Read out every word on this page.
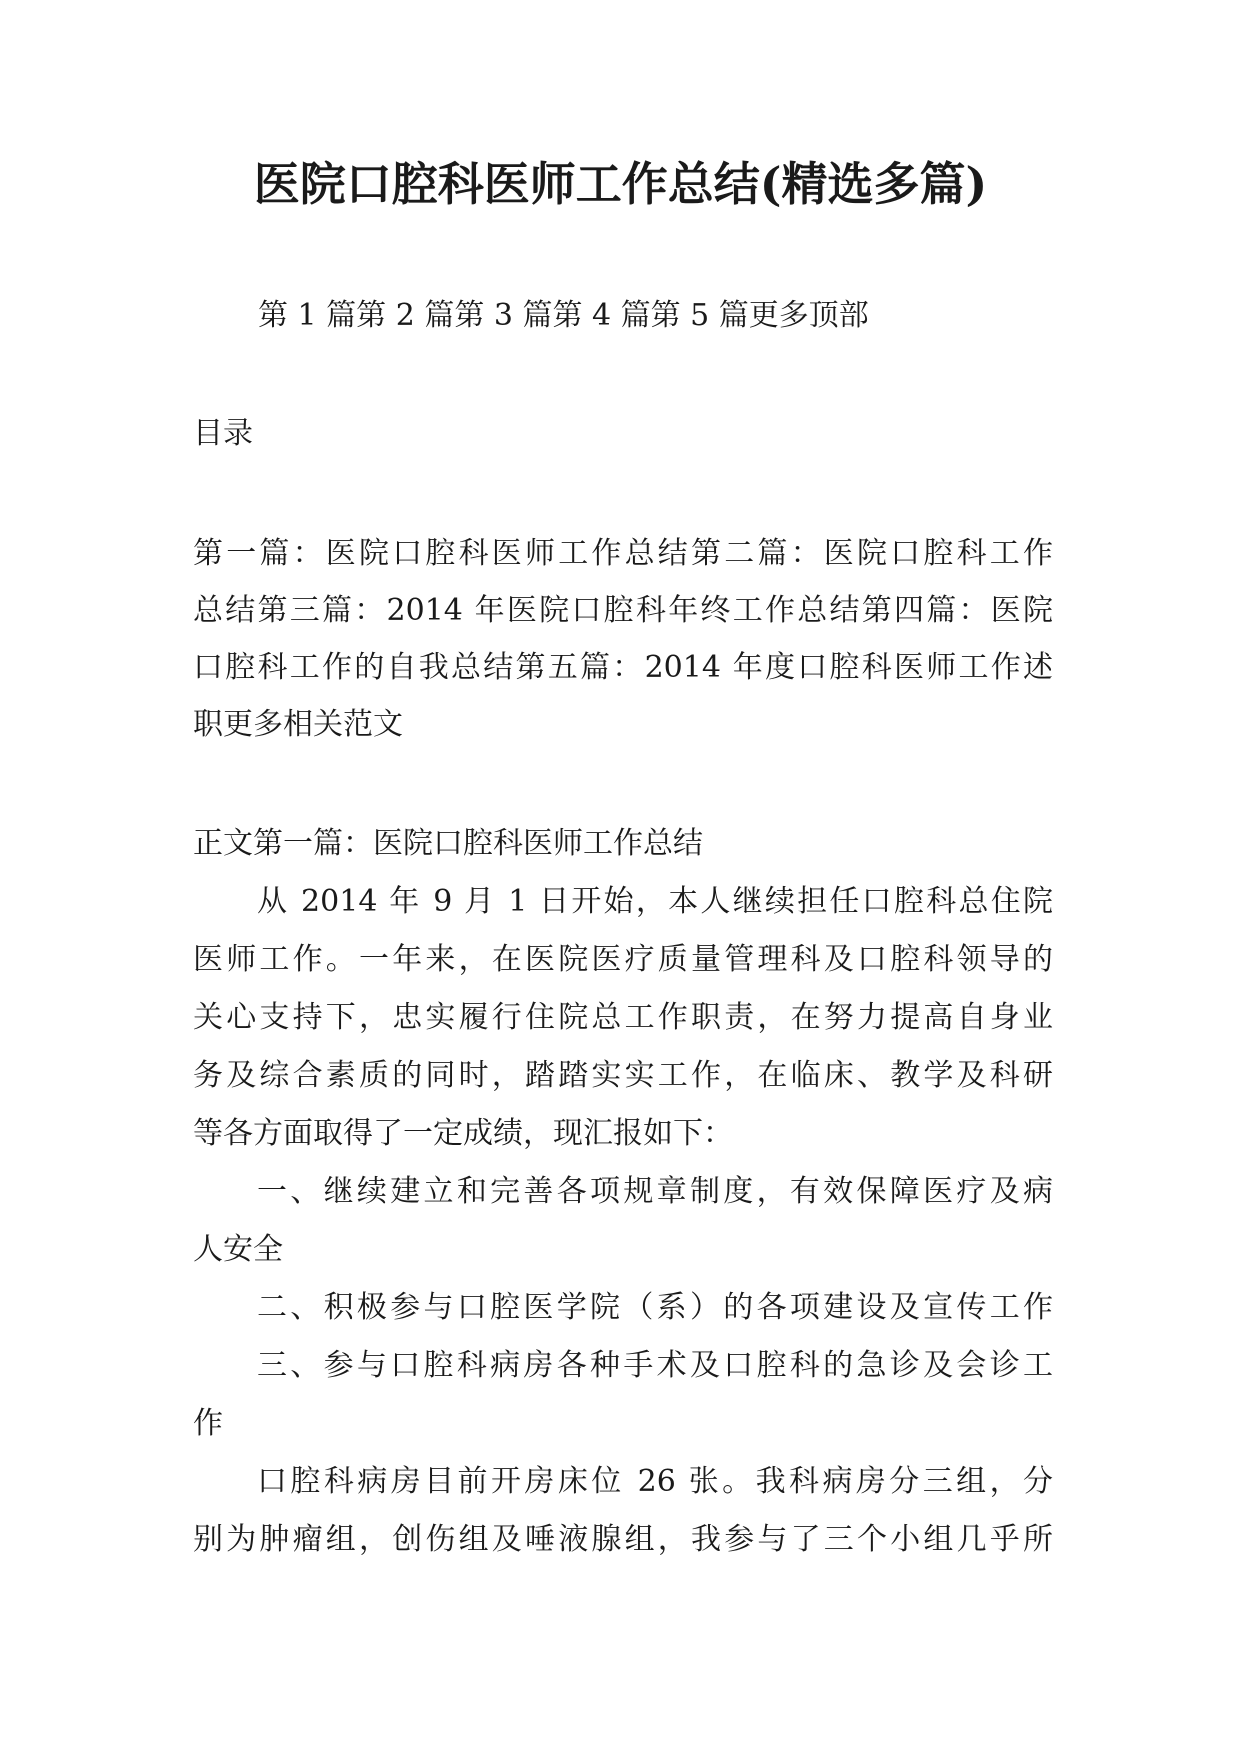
医院口腔科医师工作总结(精选多篇)
第 1 篇第 2 篇第 3 篇第 4 篇第 5 篇更多顶部
目录
第一篇：医院口腔科医师工作总结第二篇：医院口腔科工作
总结第三篇：2014 年医院口腔科年终工作总结第四篇：医院
口腔科工作的自我总结第五篇：2014 年度口腔科医师工作述
职更多相关范文
正文第一篇：医院口腔科医师工作总结
从 2014 年 9 月 1 日开始，本人继续担任口腔科总住院
医师工作。一年来，在医院医疗质量管理科及口腔科领导的
关心支持下，忠实履行住院总工作职责，在努力提高自身业
务及综合素质的同时，踏踏实实工作，在临床、教学及科研
等各方面取得了一定成绩，现汇报如下：
一、继续建立和完善各项规章制度，有效保障医疗及病
人安全
二、积极参与口腔医学院（系）的各项建设及宣传工作
三、参与口腔科病房各种手术及口腔科的急诊及会诊工
作
口腔科病房目前开房床位 26 张。我科病房分三组，分
别为肿瘤组，创伤组及唾液腺组，我参与了三个小组几乎所
